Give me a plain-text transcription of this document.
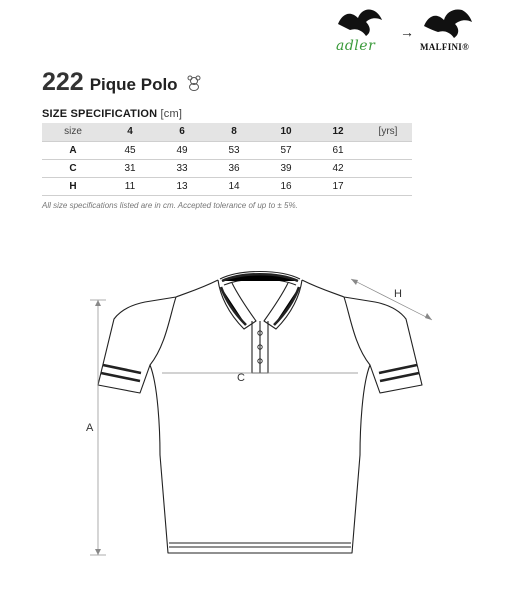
adler
→
MALFINI®
222 Pique Polo
SIZE SPECIFICATION [cm]
size	4	6	8	10	12	[yrs]
A	45	49	53	57	61	
C	31	33	36	39	42	
H	11	13	14	16	17	
All size specifications listed are in cm. Accepted tolerance of up to ± 5%.
A
C
H
